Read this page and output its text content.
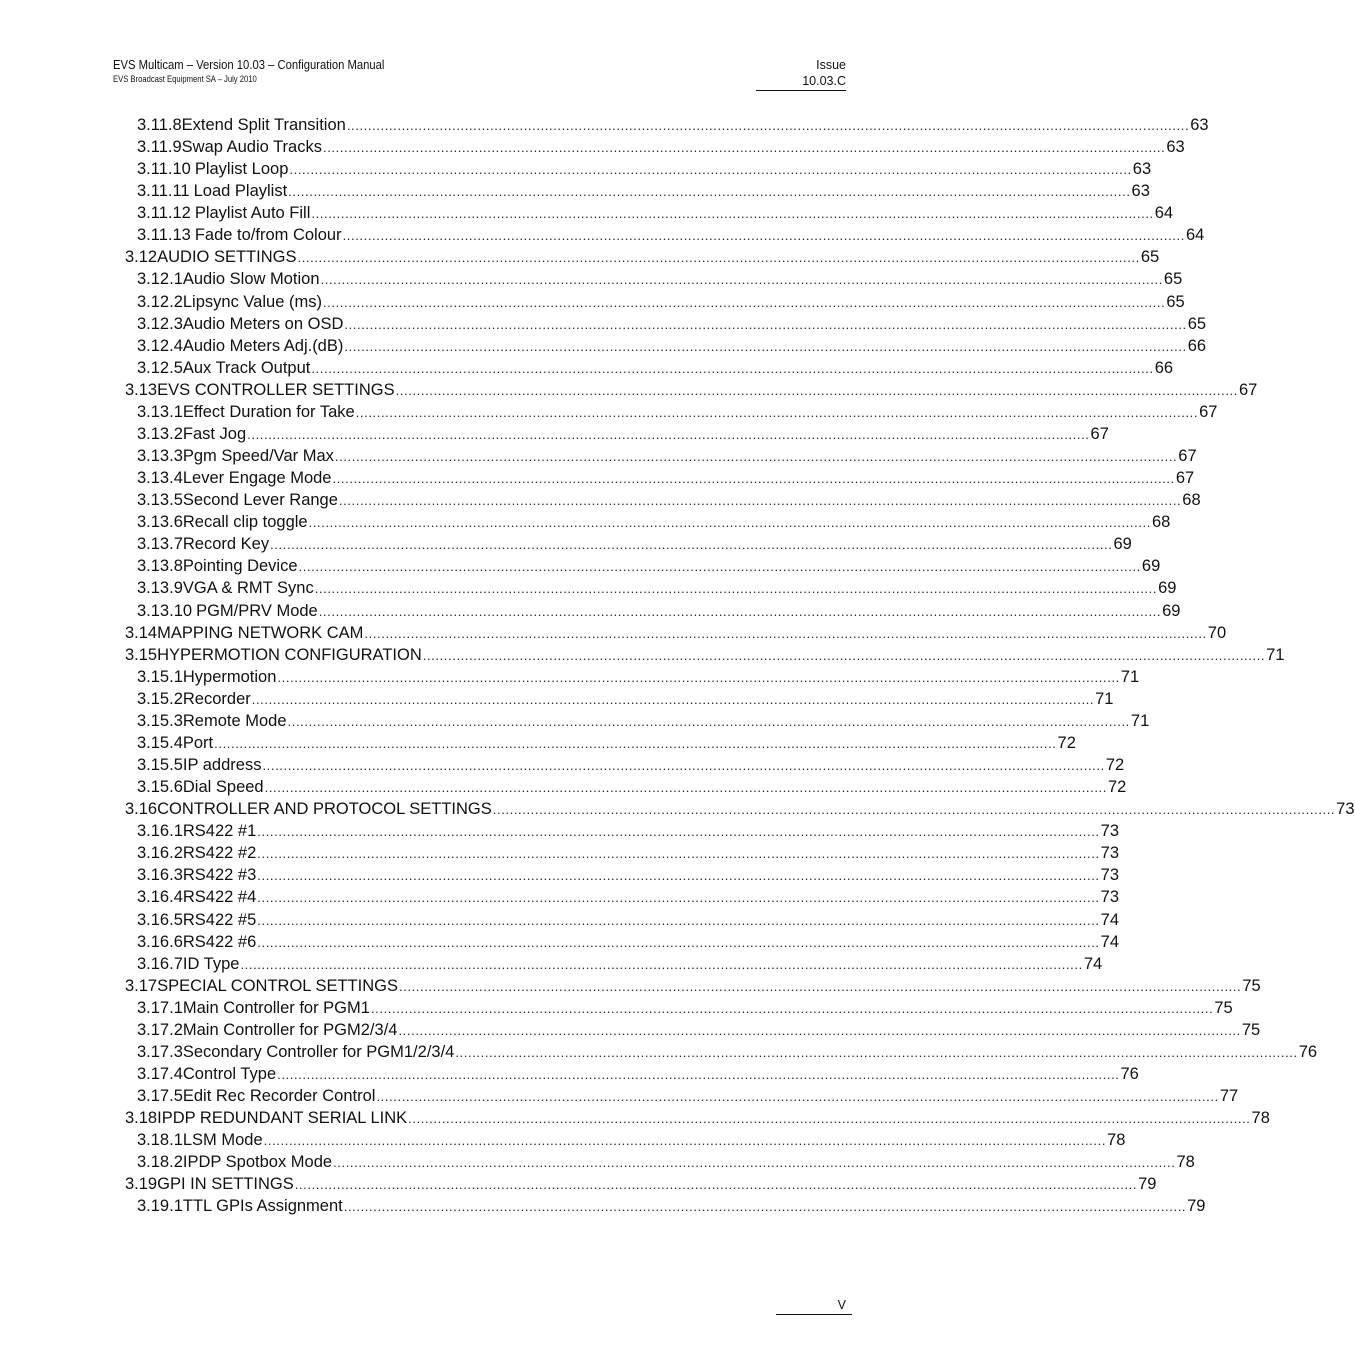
EVS Multicam – Version 10.03 – Configuration Manual
EVS Broadcast Equipment SA – July 2010
Issue
10.03.C
3.11.8 Extend Split Transition ........................................................................................................................................................................................................ 63
3.11.9 Swap Audio Tracks ........................................................................................................................................................................................................ 63
3.11.10 Playlist Loop ........................................................................................................................................................................................................ 63
3.11.11 Load Playlist ........................................................................................................................................................................................................ 63
3.11.12 Playlist Auto Fill ........................................................................................................................................................................................................ 64
3.11.13 Fade to/from Colour ........................................................................................................................................................................................................ 64
3.12 AUDIO SETTINGS ........................................................................................................................................................................................................ 65
3.12.1 Audio Slow Motion ........................................................................................................................................................................................................ 65
3.12.2 Lipsync Value (ms) ........................................................................................................................................................................................................ 65
3.12.3 Audio Meters on OSD ........................................................................................................................................................................................................ 65
3.12.4 Audio Meters Adj.(dB) ........................................................................................................................................................................................................ 66
3.12.5 Aux Track Output ........................................................................................................................................................................................................ 66
3.13 EVS CONTROLLER SETTINGS ........................................................................................................................................................................................................ 67
3.13.1 Effect Duration for Take ........................................................................................................................................................................................................ 67
3.13.2 Fast Jog ........................................................................................................................................................................................................ 67
3.13.3 Pgm Speed/Var Max ........................................................................................................................................................................................................ 67
3.13.4 Lever Engage Mode ........................................................................................................................................................................................................ 67
3.13.5 Second Lever Range ........................................................................................................................................................................................................ 68
3.13.6 Recall clip toggle ........................................................................................................................................................................................................ 68
3.13.7 Record Key ........................................................................................................................................................................................................ 69
3.13.8 Pointing Device ........................................................................................................................................................................................................ 69
3.13.9 VGA & RMT Sync ........................................................................................................................................................................................................ 69
3.13.10 PGM/PRV Mode ........................................................................................................................................................................................................ 69
3.14 MAPPING NETWORK CAM ........................................................................................................................................................................................................ 70
3.15 HYPERMOTION CONFIGURATION ........................................................................................................................................................................................................ 71
3.15.1 Hypermotion ........................................................................................................................................................................................................ 71
3.15.2 Recorder ........................................................................................................................................................................................................ 71
3.15.3 Remote Mode ........................................................................................................................................................................................................ 71
3.15.4 Port ........................................................................................................................................................................................................ 72
3.15.5 IP address ........................................................................................................................................................................................................ 72
3.15.6 Dial Speed ........................................................................................................................................................................................................ 72
3.16 CONTROLLER AND PROTOCOL SETTINGS ........................................................................................................................................................................................................ 73
3.16.1 RS422 #1 ........................................................................................................................................................................................................ 73
3.16.2 RS422 #2 ........................................................................................................................................................................................................ 73
3.16.3 RS422 #3 ........................................................................................................................................................................................................ 73
3.16.4 RS422 #4 ........................................................................................................................................................................................................ 73
3.16.5 RS422 #5 ........................................................................................................................................................................................................ 74
3.16.6 RS422 #6 ........................................................................................................................................................................................................ 74
3.16.7 ID Type ........................................................................................................................................................................................................ 74
3.17 SPECIAL CONTROL SETTINGS ........................................................................................................................................................................................................ 75
3.17.1 Main Controller for PGM1 ........................................................................................................................................................................................................ 75
3.17.2 Main Controller for PGM2/3/4 ........................................................................................................................................................................................................ 75
3.17.3 Secondary Controller for PGM1/2/3/4 ........................................................................................................................................................................................................ 76
3.17.4 Control Type ........................................................................................................................................................................................................ 76
3.17.5 Edit Rec Recorder Control ........................................................................................................................................................................................................ 77
3.18 IPDP REDUNDANT SERIAL LINK ........................................................................................................................................................................................................ 78
3.18.1 LSM Mode ........................................................................................................................................................................................................ 78
3.18.2 IPDP Spotbox Mode ........................................................................................................................................................................................................ 78
3.19 GPI IN SETTINGS ........................................................................................................................................................................................................ 79
3.19.1 TTL GPIs Assignment ........................................................................................................................................................................................................ 79
V
